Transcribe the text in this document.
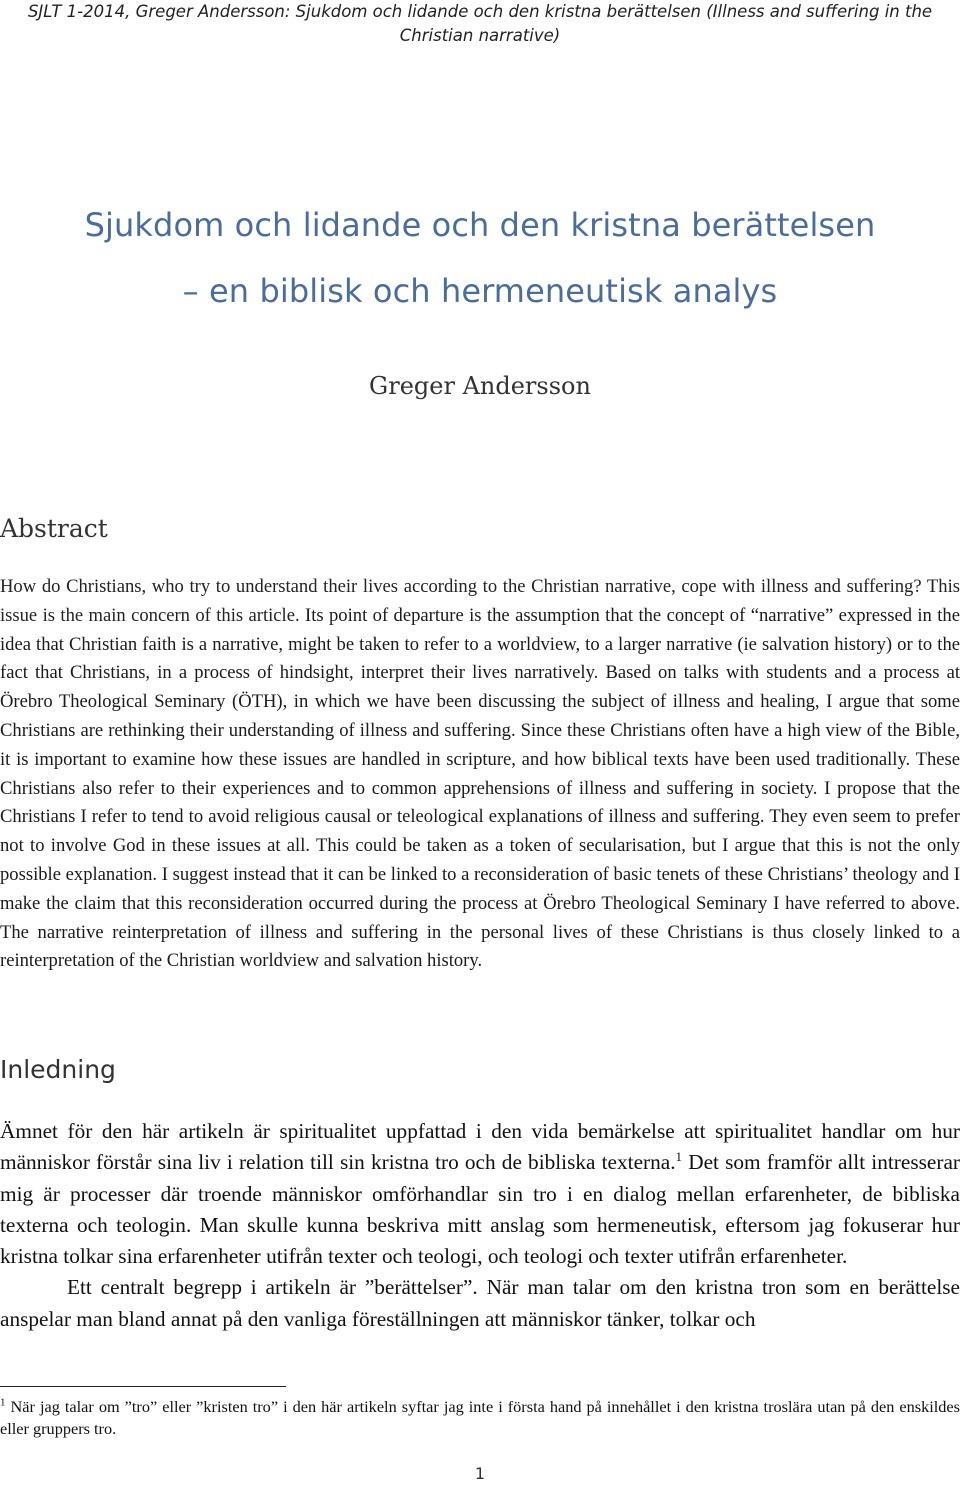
SJLT 1-2014, Greger Andersson: Sjukdom och lidande och den kristna berättelsen (Illness and suffering in the Christian narrative)
Sjukdom och lidande och den kristna berättelsen
– en biblisk och hermeneutisk analys
Greger Andersson
Abstract

How do Christians, who try to understand their lives according to the Christian narrative, cope with illness and suffering? This issue is the main concern of this article. Its point of departure is the assumption that the concept of “narrative” expressed in the idea that Christian faith is a narrative, might be taken to refer to a worldview, to a larger narrative (ie salvation history) or to the fact that Christians, in a process of hindsight, interpret their lives narratively. Based on talks with students and a process at Örebro Theological Seminary (ÖTH), in which we have been discussing the subject of illness and healing, I argue that some Christians are rethinking their understanding of illness and suffering. Since these Christians often have a high view of the Bible, it is important to examine how these issues are handled in scripture, and how biblical texts have been used traditionally. These Christians also refer to their experiences and to common apprehensions of illness and suffering in society. I propose that the Christians I refer to tend to avoid religious causal or teleological explanations of illness and suffering. They even seem to prefer not to involve God in these issues at all. This could be taken as a token of secularisation, but I argue that this is not the only possible explanation. I suggest instead that it can be linked to a reconsideration of basic tenets of these Christians’ theology and I make the claim that this reconsideration occurred during the process at Örebro Theological Seminary I have referred to above. The narrative reinterpretation of illness and suffering in the personal lives of these Christians is thus closely linked to a reinterpretation of the Christian worldview and salvation history.

Inledning

Ämnet för den här artikeln är spiritualitet uppfattad i den vida bemärkelse att spiritualitet handlar om hur människor förstår sina liv i relation till sin kristna tro och de bibliska texterna.$^1$ Det som framför allt intresserar mig är processer där troende människor omförhandlar sin tro i en dialog mellan erfarenheter, de bibliska texterna och teologin. Man skulle kunna beskriva mitt anslag som hermeneutisk, eftersom jag fokuserar hur kristna tolkar sina erfarenheter utifrån texter och teologi, och teologi och texter utifrån erfarenheter.

Ett centralt begrepp i artikeln är ”berättelser”. När man talar om den kristna tron som en berättelse anspelar man bland annat på den vanliga föreställningen att människor tänker, tolkar och

$^1$ När jag talar om ”tro” eller ”kristen tro” i den här artikeln syftar jag inte i första hand på innehållet i den kristna troslära utan på den enskildes eller gruppers tro.

1
